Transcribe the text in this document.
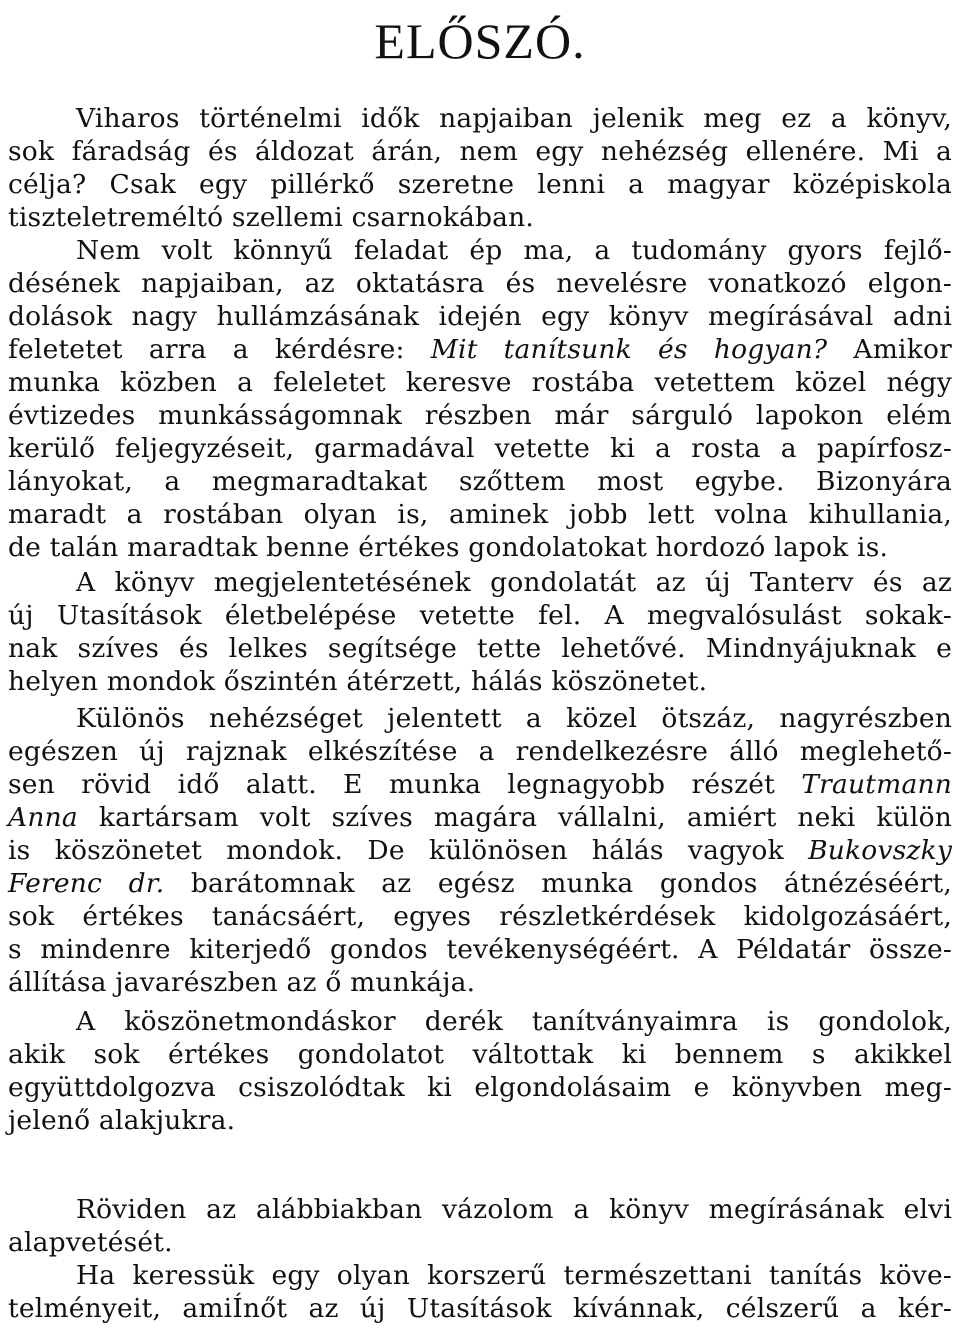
ELŐSZÓ.
Viharos történelmi idők napjaiban jelenik meg ez a könyv,
sok fáradság és áldozat árán, nem egy nehézség ellenére. Mi a
célja? Csak egy pillérkő szeretne lenni a magyar középiskola
tiszteletreméltó szellemi csarnokában.
Nem volt könnyű feladat ép ma, a tudomány gyors fejlő-
désének napjaiban, az oktatásra és nevelésre vonatkozó elgon-
dolások nagy hullámzásának idején egy könyv megírásával adni
feletetet arra a kérdésre: Mit tanítsunk és hogyan? Amikor
munka közben a feleletet keresve rostába vetettem közel négy
évtizedes munkásságomnak részben már sárguló lapokon elém
kerülő feljegyzéseit, garmadával vetette ki a rosta a papírfosz-
lányokat, a megmaradtakat szőttem most egybe. Bizonyára
maradt a rostában olyan is, aminek jobb lett volna kihullania,
de talán maradtak benne értékes gondolatokat hordozó lapok is.
A könyv megjelentetésének gondolatát az új Tanterv és az
új Utasítások életbelépése vetette fel. A megvalósulást sokak-
nak szíves és lelkes segítsége tette lehetővé. Mindnyájuknak e
helyen mondok őszintén átérzett, hálás köszönetet.
Különös nehézséget jelentett a közel ötszáz, nagyrészben
egészen új rajznak elkészítése a rendelkezésre álló meglehető-
sen rövid idő alatt. E munka legnagyobb részét Trautmann
Anna kartársam volt szíves magára vállalni, amiért neki külön
is köszönetet mondok. De különösen hálás vagyok Bukovszky
Ferenc dr. barátomnak az egész munka gondos átnézéséért,
sok értékes tanácsáért, egyes részletkérdések kidolgozásáért,
s mindenre kiterjedő gondos tevékenységéért. A Példatár össze-
állítása javarészben az ő munkája.
A köszönetmondáskor derék tanítványaimra is gondolok,
akik sok értékes gondolatot váltottak ki bennem s akikkel
együttdolgozva csiszolódtak ki elgondolásaim e könyvben meg-
jelenő alakjukra.
Röviden az alábbiakban vázolom a könyv megírásának elvi
alapvetését.
Ha keressük egy olyan korszerű természettani tanítás köve-
telményeit, amiÍnőt az új Utasítások kívánnak, célszerű a kér-
